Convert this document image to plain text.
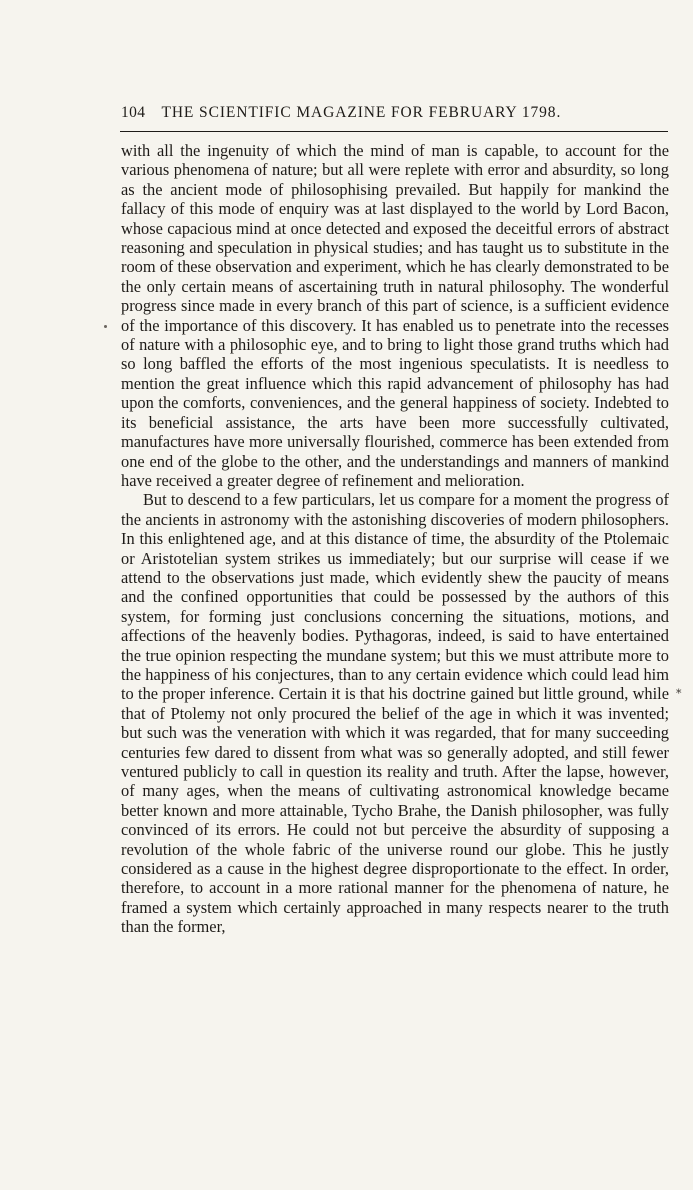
104 THE SCIENTIFIC MAGAZINE FOR FEBRUARY 1798.

with all the ingenuity of which the mind of man is capable, to account for the various phenomena of nature; but all were replete with error and absurdity, so long as the ancient mode of philosophising prevailed. But happily for mankind the fallacy of this mode of enquiry was at last displayed to the world by Lord Bacon, whose capacious mind at once detected and exposed the deceitful errors of abstract reasoning and speculation in physical studies; and has taught us to substitute in the room of these observation and experiment, which he has clearly demonstrated to be the only certain means of ascertaining truth in natural philosophy. The wonderful progress since made in every branch of this part of science, is a sufficient evidence of the importance of this discovery. It has enabled us to penetrate into the recesses of nature with a philosophic eye, and to bring to light those grand truths which had so long baffled the efforts of the most ingenious speculatists. It is needless to mention the great influence which this rapid advancement of philosophy has had upon the comforts, conveniences, and the general happiness of society. Indebted to its beneficial assistance, the arts have been more successfully cultivated, manufactures have more universally flourished, commerce has been extended from one end of the globe to the other, and the understandings and manners of mankind have received a greater degree of refinement and melioration.

But to descend to a few particulars, let us compare for a moment the progress of the ancients in astronomy with the astonishing discoveries of modern philosophers. In this enlightened age, and at this distance of time, the absurdity of the Ptolemaic or Aristotelian system strikes us immediately; but our surprise will cease if we attend to the observations just made, which evidently shew the paucity of means and the confined opportunities that could be possessed by the authors of this system, for forming just conclusions concerning the situations, motions, and affections of the heavenly bodies. Pythagoras, indeed, is said to have entertained the true opinion respecting the mundane system; but this we must attribute more to the happiness of his conjectures, than to any certain evidence which could lead him to the proper inference. Certain it is that his doctrine gained but little ground, while that of Ptolemy not only procured the belief of the age in which it was invented; but such was the veneration with which it was regarded, that for many succeeding centuries few dared to dissent from what was so generally adopted, and still fewer ventured publicly to call in question its reality and truth. After the lapse, however, of many ages, when the means of cultivating astronomical knowledge became better known and more attainable, Tycho Brahe, the Danish philosopher, was fully convinced of its errors. He could not but perceive the absurdity of supposing a revolution of the whole fabric of the universe round our globe. This he justly considered as a cause in the highest degree disproportionate to the effect. In order, therefore, to account in a more rational manner for the phenomena of nature, he framed a system which certainly approached in many respects nearer to the truth than the former,

*
